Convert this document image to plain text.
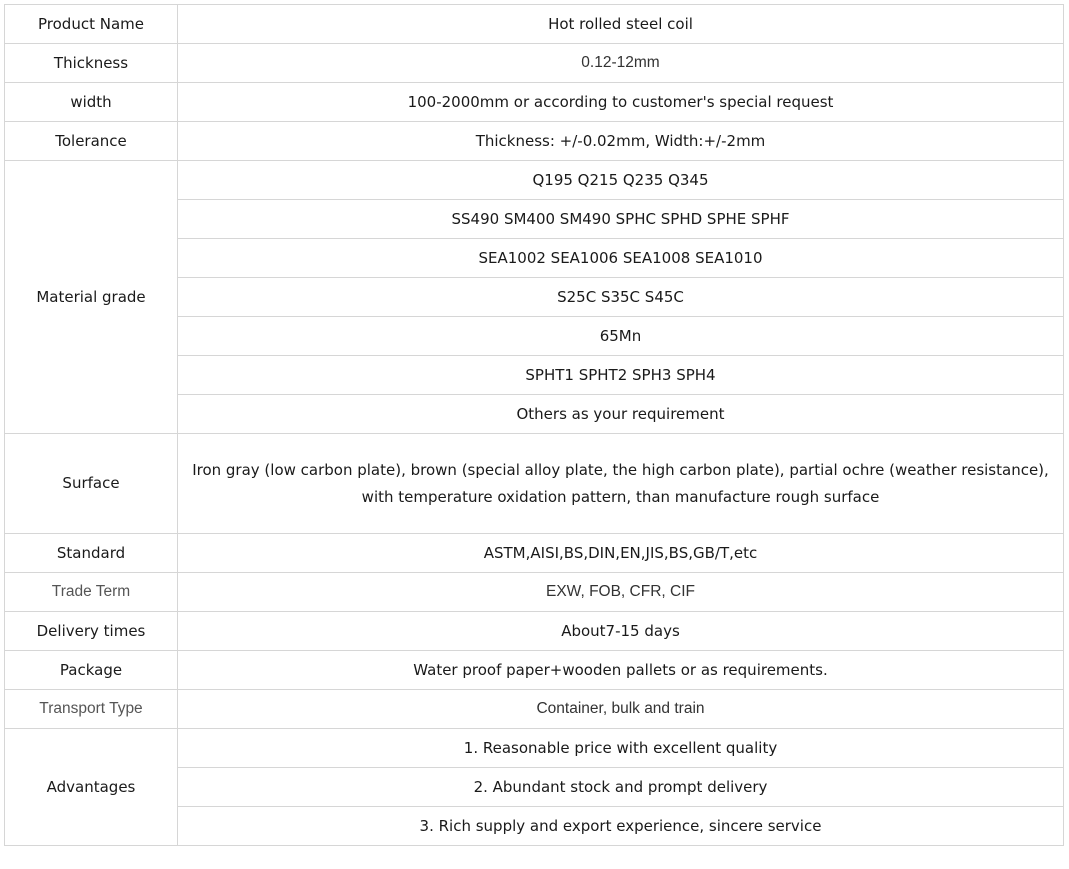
Product Name	Hot rolled steel coil
Thickness	0.12-12mm
width	100-2000mm or according to customer's special request
Tolerance	Thickness: +/-0.02mm, Width:+/-2mm
Material grade	Q195 Q215 Q235 Q345
	SS490 SM400 SM490 SPHC SPHD SPHE SPHF
	SEA1002 SEA1006 SEA1008 SEA1010
	S25C S35C S45C
	65Mn
	SPHT1 SPHT2 SPH3 SPH4
	Others as your requirement
Surface	Iron gray (low carbon plate), brown (special alloy plate, the high carbon plate), partial ochre (weather resistance), with temperature oxidation pattern, than manufacture rough surface
Standard	ASTM,AISI,BS,DIN,EN,JIS,BS,GB/T,etc
Trade Term	EXW, FOB, CFR, CIF
Delivery times	About7-15 days
Package	Water proof paper+wooden pallets or as requirements.
Transport Type	Container, bulk and train
Advantages	1. Reasonable price with excellent quality
	2. Abundant stock and prompt delivery
	3. Rich supply and export experience, sincere service
